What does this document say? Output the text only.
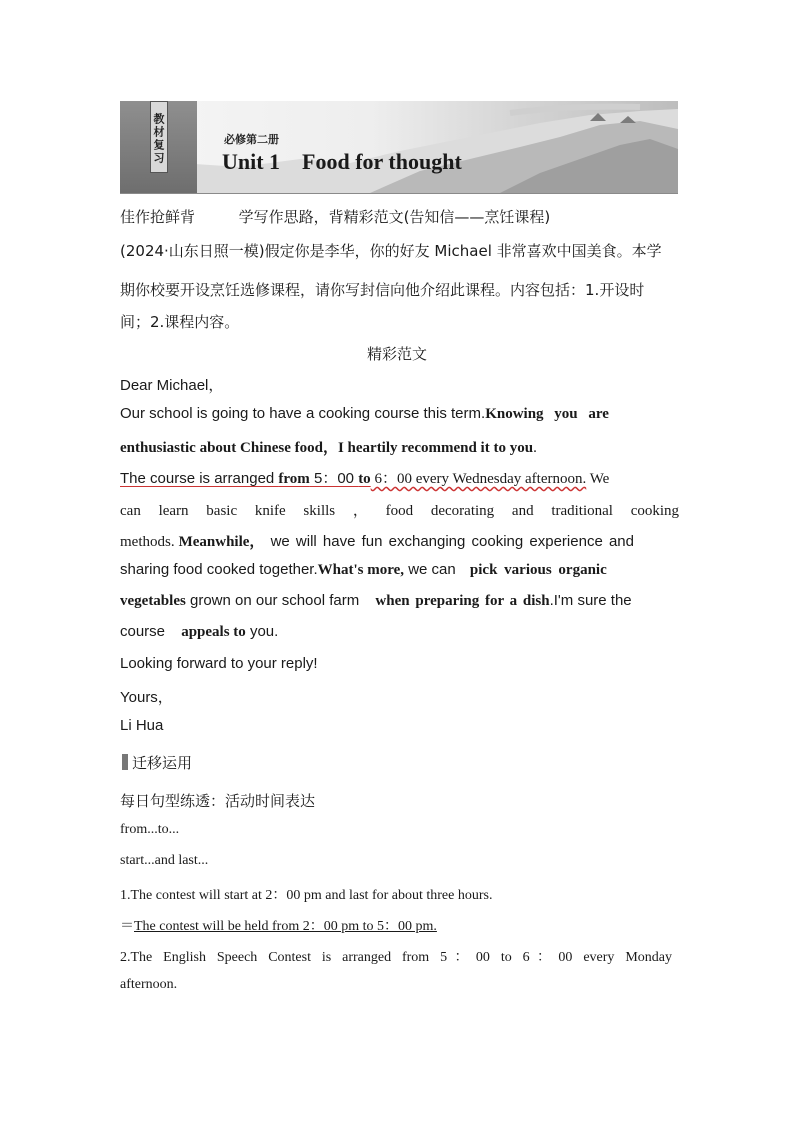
教材复习	必修第二册
Unit 1    Food for thought
佳作抢鲜背	学写作思路，背精彩范文(告知信——烹饪课程)
(2024·山东日照一模)假定你是李华，你的好友 Michael 非常喜欢中国美食。本学
期你校要开设烹饪选修课程，请你写封信向他介绍此课程。内容包括：1.开设时
间；2.课程内容。
精彩范文
Dear Michael，
Our school is going to have a cooking course this term.Knowing you are
enthusiastic about Chinese food，I heartily recommend it to you.
The course is arranged from 5：00 to 6：00 every Wednesday afternoon. We
can learn basic knife skills ， food decorating and traditional cooking
methods. Meanwhile， we will have fun exchanging cooking experience and
sharing food cooked together.What's more, we can pick various organic
vegetables grown on our school farm when preparing for a dish.I'm sure the
course appeals to you.
Looking forward to your reply!
Yours，
Li Hua
迁移运用
每日句型练透：活动时间表达
from...to...
start...and last...
1.The contest will start at 2：00 pm and last for about three hours.
＝The contest will be held from 2：00 pm to 5：00 pm.
2.The English Speech Contest is arranged from 5：00 to 6：00 every Monday
afternoon.
